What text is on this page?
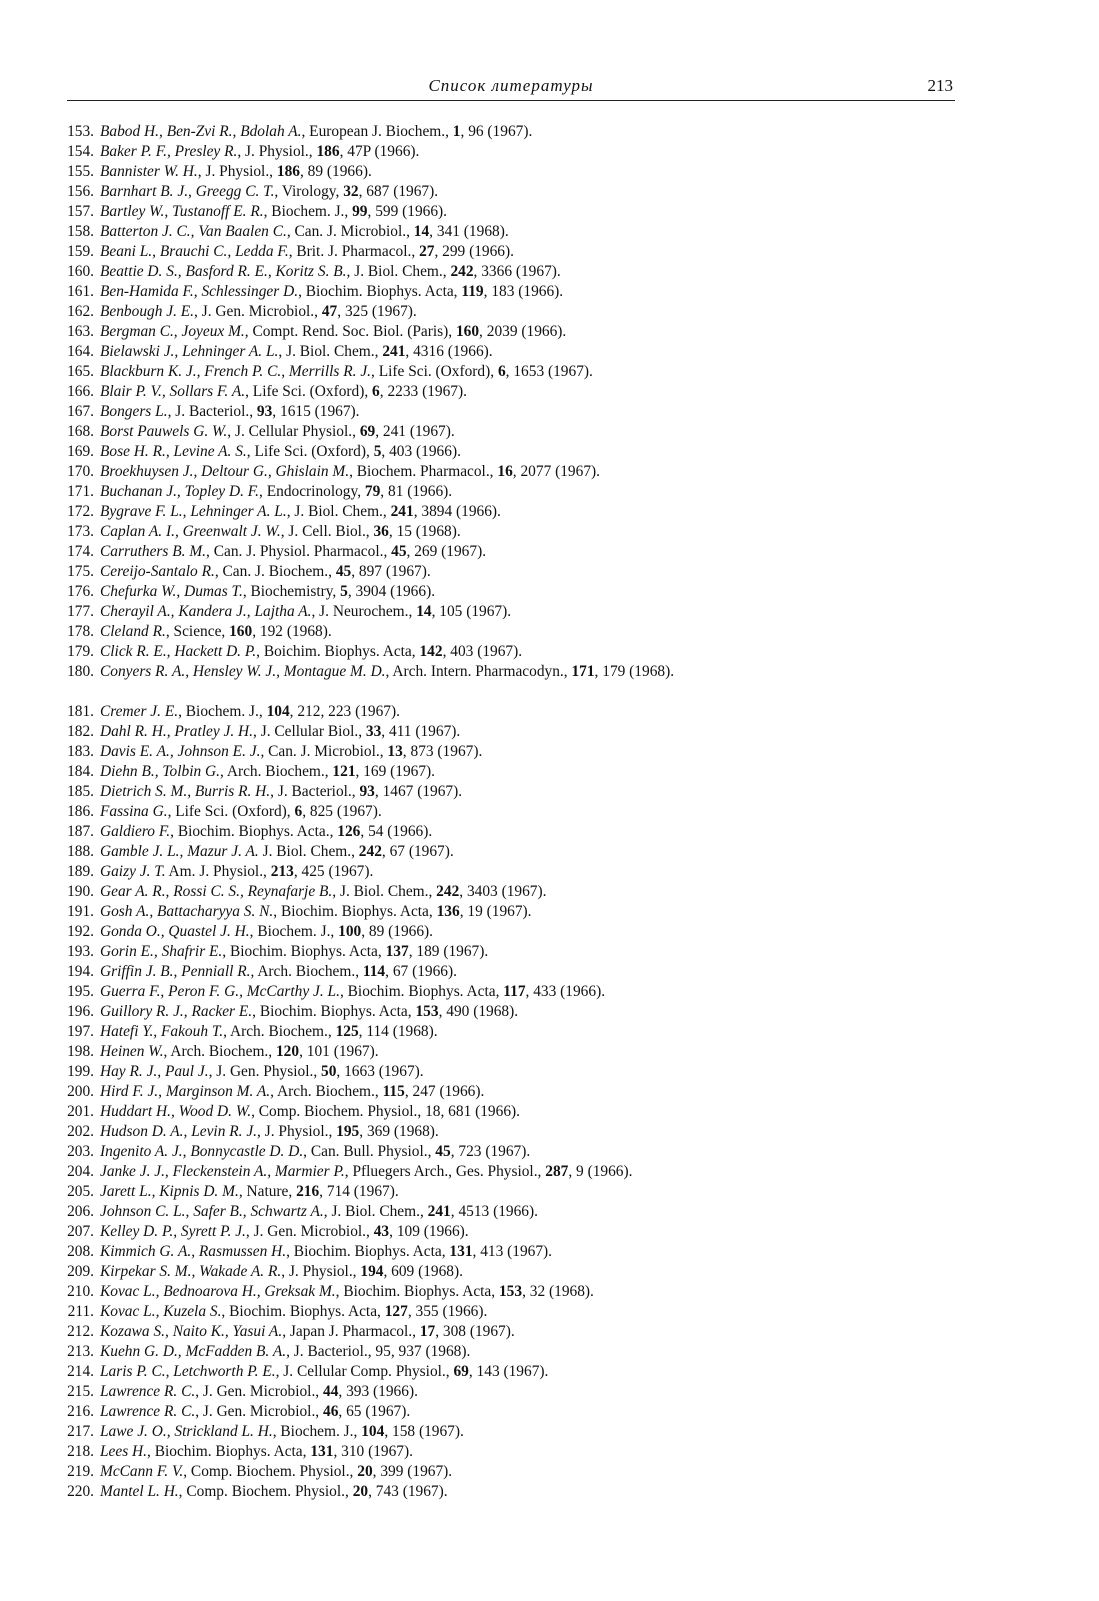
Список литературы	213
153. Babod H., Ben-Zvi R., Bdolah A., European J. Biochem., 1, 96 (1967).
154. Baker P. F., Presley R., J. Physiol., 186, 47P (1966).
155. Bannister W. H., J. Physiol., 186, 89 (1966).
156. Barnhart B. J., Greegg C. T., Virology, 32, 687 (1967).
157. Bartley W., Tustanoff E. R., Biochem. J., 99, 599 (1966).
158. Batterton J. C., Van Baalen C., Can. J. Microbiol., 14, 341 (1968).
159. Beani L., Brauchi C., Ledda F., Brit. J. Pharmacol., 27, 299 (1966).
160. Beattie D. S., Basford R. E., Koritz S. B., J. Biol. Chem., 242, 3366 (1967).
161. Ben-Hamida F., Schlessinger D., Biochim. Biophys. Acta, 119, 183 (1966).
162. Benbough J. E., J. Gen. Microbiol., 47, 325 (1967).
163. Bergman C., Joyeux M., Compt. Rend. Soc. Biol. (Paris), 160, 2039 (1966).
164. Bielawski J., Lehninger A. L., J. Biol. Chem., 241, 4316 (1966).
165. Blackburn K. J., French P. C., Merrills R. J., Life Sci. (Oxford), 6, 1653 (1967).
166. Blair P. V., Sollars F. A., Life Sci. (Oxford), 6, 2233 (1967).
167. Bongers L., J. Bacteriol., 93, 1615 (1967).
168. Borst Pauwels G. W., J. Cellular Physiol., 69, 241 (1967).
169. Bose H. R., Levine A. S., Life Sci. (Oxford), 5, 403 (1966).
170. Broekhuysen J., Deltour G., Ghislain M., Biochem. Pharmacol., 16, 2077 (1967).
171. Buchanan J., Topley D. F., Endocrinology, 79, 81 (1966).
172. Bygrave F. L., Lehninger A. L., J. Biol. Chem., 241, 3894 (1966).
173. Caplan A. I., Greenwalt J. W., J. Cell. Biol., 36, 15 (1968).
174. Carruthers B. M., Can. J. Physiol. Pharmacol., 45, 269 (1967).
175. Cereijo-Santalo R., Can. J. Biochem., 45, 897 (1967).
176. Chefurka W., Dumas T., Biochemistry, 5, 3904 (1966).
177. Cherayil A., Kandera J., Lajtha A., J. Neurochem., 14, 105 (1967).
178. Cleland R., Science, 160, 192 (1968).
179. Click R. E., Hackett D. P., Boichim. Biophys. Acta, 142, 403 (1967).
180. Conyers R. A., Hensley W. J., Montague M. D., Arch. Intern. Pharmacodyn., 171, 179 (1968).
181. Cremer J. E., Biochem. J., 104, 212, 223 (1967).
182. Dahl R. H., Pratley J. H., J. Cellular Biol., 33, 411 (1967).
183. Davis E. A., Johnson E. J., Can. J. Microbiol., 13, 873 (1967).
184. Diehn B., Tolbin G., Arch. Biochem., 121, 169 (1967).
185. Dietrich S. M., Burris R. H., J. Bacteriol., 93, 1467 (1967).
186. Fassina G., Life Sci. (Oxford), 6, 825 (1967).
187. Galdiero F., Biochim. Biophys. Acta., 126, 54 (1966).
188. Gamble J. L., Mazur J. A. J. Biol. Chem., 242, 67 (1967).
189. Gaizy J. T. Am. J. Physiol., 213, 425 (1967).
190. Gear A. R., Rossi C. S., Reynafarje B., J. Biol. Chem., 242, 3403 (1967).
191. Gosh A., Battacharyya S. N., Biochim. Biophys. Acta, 136, 19 (1967).
192. Gonda O., Quastel J. H., Biochem. J., 100, 89 (1966).
193. Gorin E., Shafrir E., Biochim. Biophys. Acta, 137, 189 (1967).
194. Griffin J. B., Penniall R., Arch. Biochem., 114, 67 (1966).
195. Guerra F., Peron F. G., McCarthy J. L., Biochim. Biophys. Acta, 117, 433 (1966).
196. Guillory R. J., Racker E., Biochim. Biophys. Acta, 153, 490 (1968).
197. Hatefi Y., Fakouh T., Arch. Biochem., 125, 114 (1968).
198. Heinen W., Arch. Biochem., 120, 101 (1967).
199. Hay R. J., Paul J., J. Gen. Physiol., 50, 1663 (1967).
200. Hird F. J., Marginson M. A., Arch. Biochem., 115, 247 (1966).
201. Huddart H., Wood D. W., Comp. Biochem. Physiol., 18, 681 (1966).
202. Hudson D. A., Levin R. J., J. Physiol., 195, 369 (1968).
203. Ingenito A. J., Bonnycastle D. D., Can. Bull. Physiol., 45, 723 (1967).
204. Janke J. J., Fleckenstein A., Marmier P., Pfluegers Arch., Ges. Physiol., 287, 9 (1966).
205. Jarett L., Kipnis D. M., Nature, 216, 714 (1967).
206. Johnson C. L., Safer B., Schwartz A., J. Biol. Chem., 241, 4513 (1966).
207. Kelley D. P., Syrett P. J., J. Gen. Microbiol., 43, 109 (1966).
208. Kimmich G. A., Rasmussen H., Biochim. Biophys. Acta, 131, 413 (1967).
209. Kirpekar S. M., Wakade A. R., J. Physiol., 194, 609 (1968).
210. Kovac L., Bednoarova H., Greksak M., Biochim. Biophys. Acta, 153, 32 (1968).
211. Kovac L., Kuzela S., Biochim. Biophys. Acta, 127, 355 (1966).
212. Kozawa S., Naito K., Yasui A., Japan J. Pharmacol., 17, 308 (1967).
213. Kuehn G. D., McFadden B. A., J. Bacteriol., 95, 937 (1968).
214. Laris P. C., Letchworth P. E., J. Cellular Comp. Physiol., 69, 143 (1967).
215. Lawrence R. C., J. Gen. Microbiol., 44, 393 (1966).
216. Lawrence R. C., J. Gen. Microbiol., 46, 65 (1967).
217. Lawe J. O., Strickland L. H., Biochem. J., 104, 158 (1967).
218. Lees H., Biochim. Biophys. Acta, 131, 310 (1967).
219. McCann F. V., Comp. Biochem. Physiol., 20, 399 (1967).
220. Mantel L. H., Comp. Biochem. Physiol., 20, 743 (1967).
